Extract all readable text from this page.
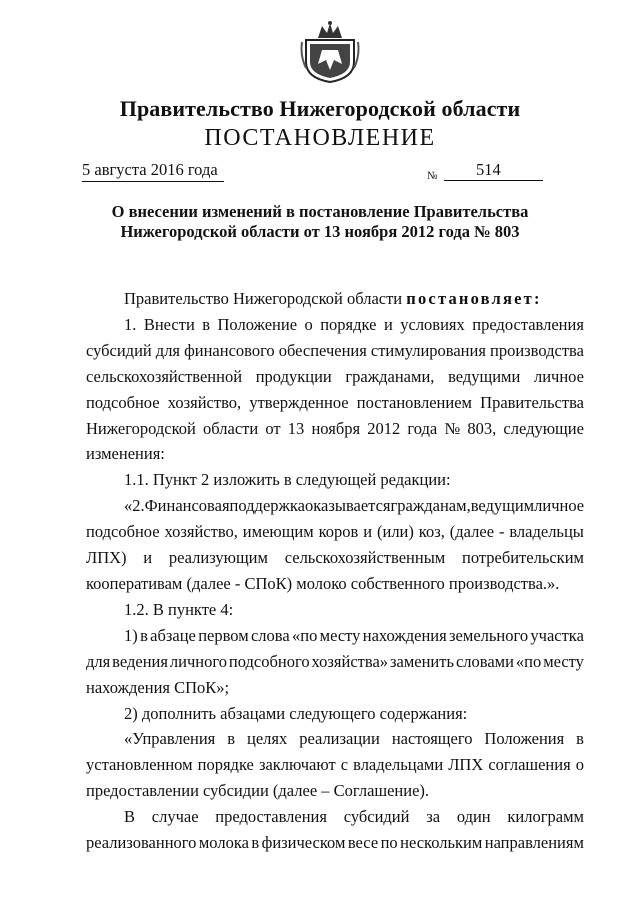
Правительство Нижегородской области
ПОСТАНОВЛЕНИЕ
5 августа 2016 года	№ 514
О внесении изменений в постановление Правительства
Нижегородской области от 13 ноября 2012 года № 803
Правительство Нижегородской области постановляет:
1. Внести в Положение о порядке и условиях предоставления
субсидий для финансового обеспечения стимулирования производства
сельскохозяйственной продукции гражданами, ведущими личное
подсобное хозяйство, утвержденное постановлением Правительства
Нижегородской области от 13 ноября 2012 года № 803, следующие
изменения:
1.1. Пункт 2 изложить в следующей редакции:
«2. Финансовая поддержка оказывается гражданам, ведущим личное
подсобное хозяйство, имеющим коров и (или) коз, (далее - владельцы
ЛПХ) и реализующим сельскохозяйственным потребительским
кооперативам (далее - СПоК) молоко собственного производства.».
1.2. В пункте 4:
1) в абзаце первом слова «по месту нахождения земельного участка
для ведения личного подсобного хозяйства» заменить словами «по месту
нахождения СПоК»;
2) дополнить абзацами следующего содержания:
«Управления в целях реализации настоящего Положения в
установленном порядке заключают с владельцами ЛПХ соглашения о
предоставлении субсидии (далее – Соглашение).
В случае предоставления субсидий за один килограмм
реализованного молока в физическом весе по нескольким направлениям
